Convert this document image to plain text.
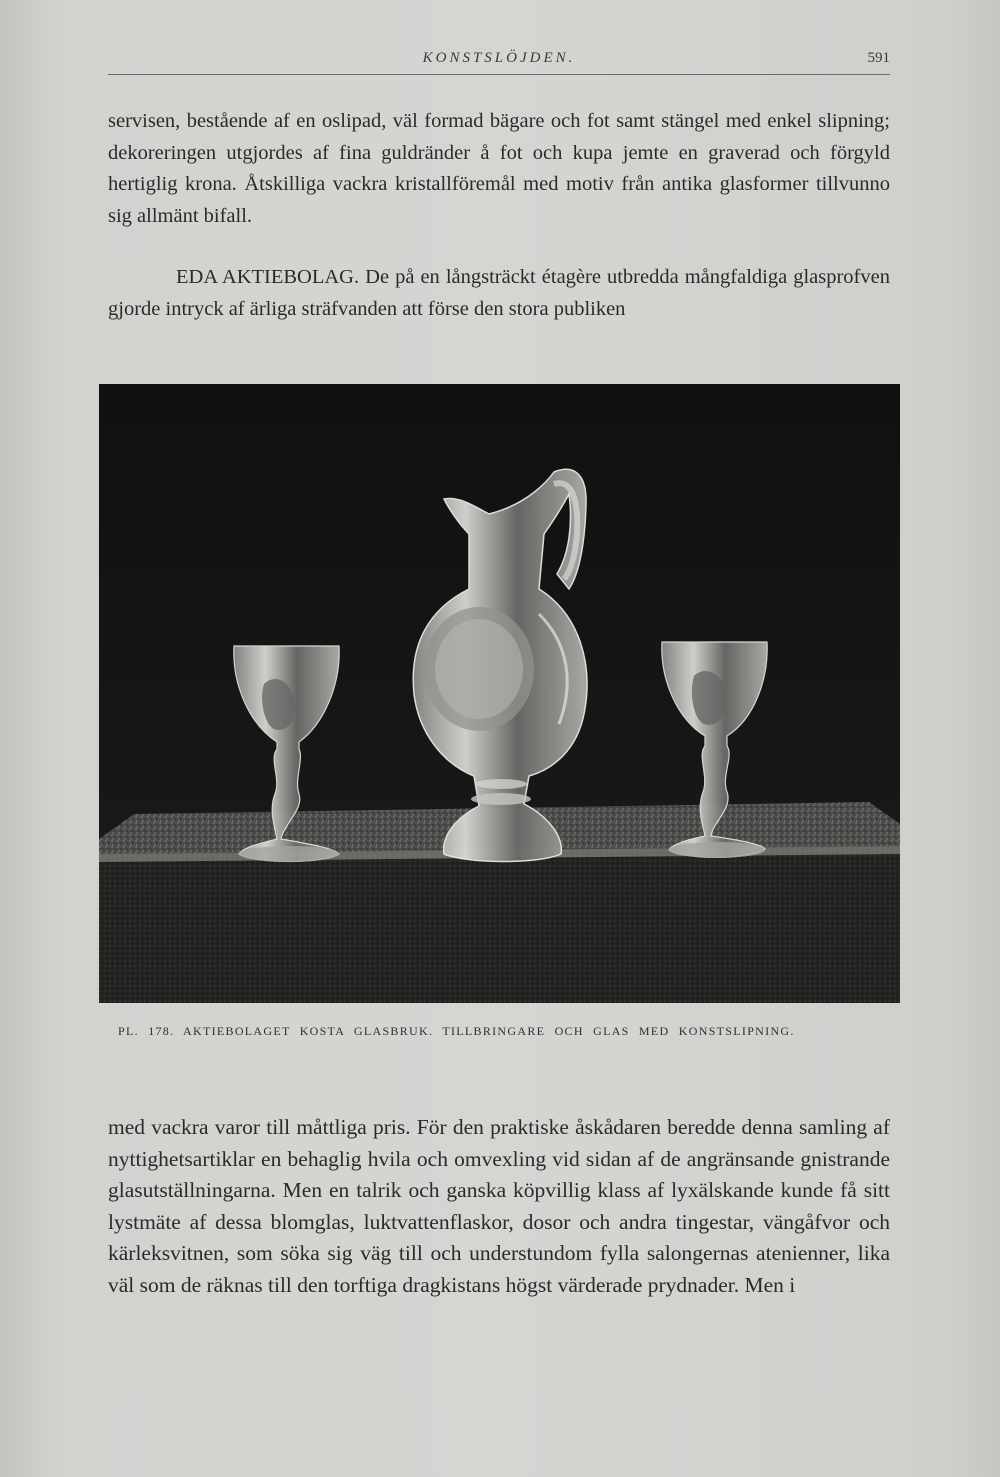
KONSTSLÖJDEN.	591

servisen, bestående af en oslipad, väl formad bägare och fot samt stängel med enkel slipning; dekoreringen utgjordes af fina guldränder å fot och kupa jemte en graverad och förgyld hertiglig krona. Åtskilliga vackra kristallföremål med motiv från antika glasformer tillvunno sig allmänt bifall.

EDA AKTIEBOLAG. De på en långsträckt étagère utbredda mångfaldiga glasprofven gjorde intryck af ärliga sträfvanden att förse den stora publiken

PL. 178. AKTIEBOLAGET KOSTA GLASBRUK. TILLBRINGARE OCH GLAS MED KONSTSLIPNING.

med vackra varor till måttliga pris. För den praktiske åskådaren beredde denna samling af nyttighetsartiklar en behaglig hvila och omvexling vid sidan af de angränsande gnistrande glasutställningarna. Men en talrik och ganska köpvillig klass af lyxälskande kunde få sitt lystmäte af dessa blomglas, luktvattenflaskor, dosor och andra tingestar, vängåfvor och kärleksvitnen, som söka sig väg till och understundom fylla salongernas atenienner, lika väl som de räknas till den torftiga dragkistans högst värderade prydnader. Men i
